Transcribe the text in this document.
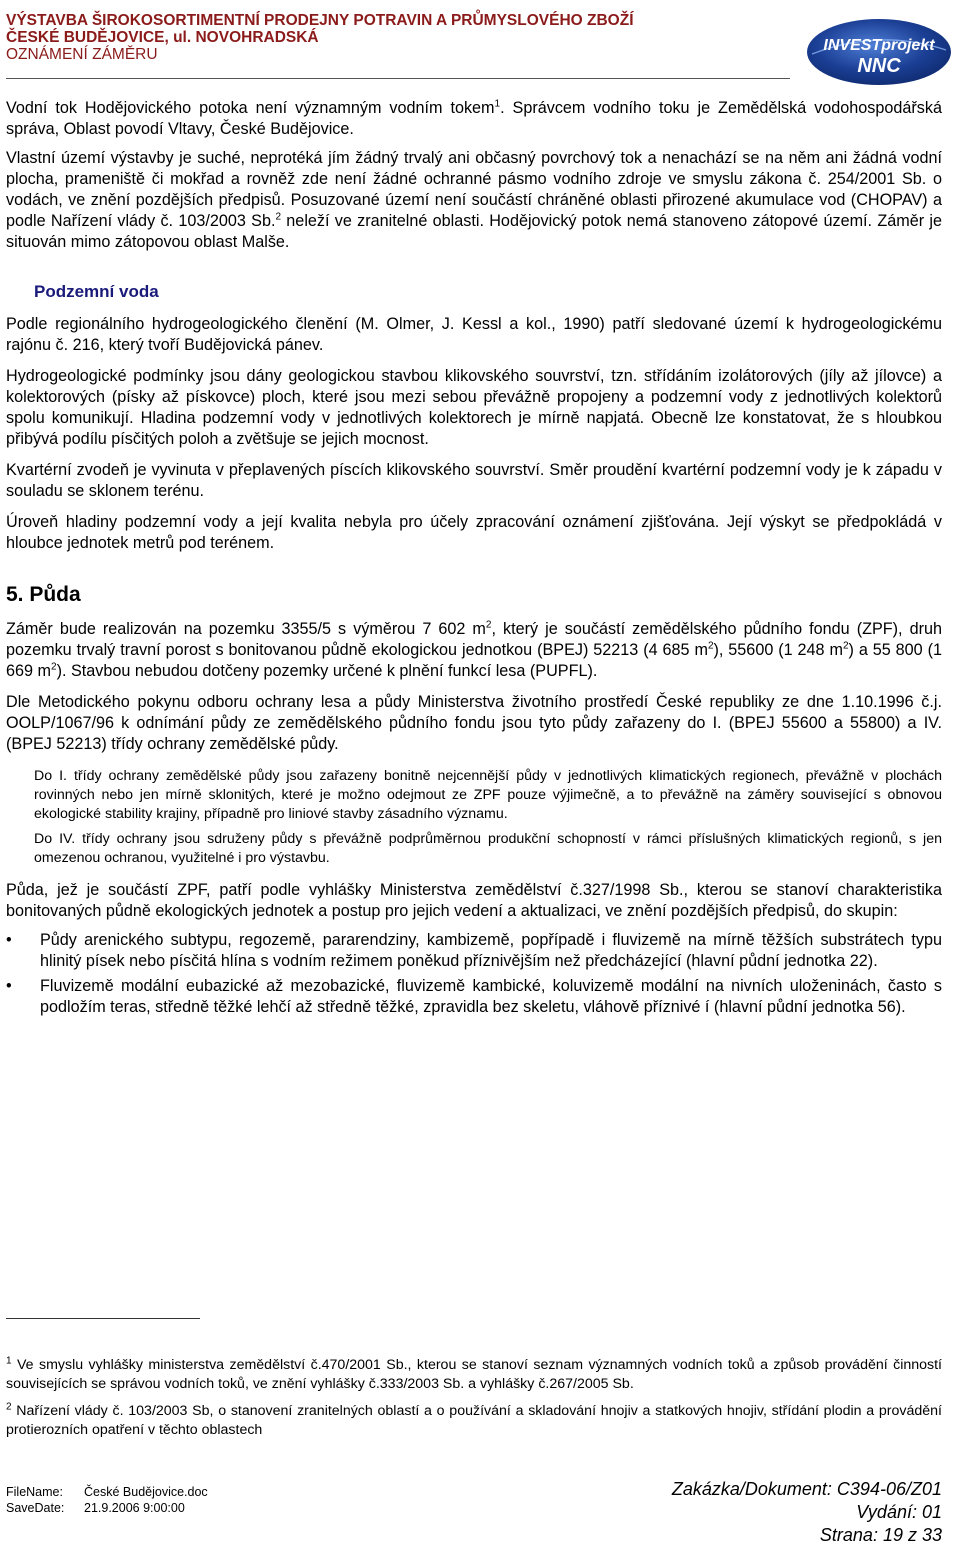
VÝSTAVBA ŠIROKOSORTIMENTNÍ PRODEJNY POTRAVIN A PRŮMYSLOVÉHO ZBOŽÍ
ČESKÉ BUDĚJOVICE, ul. NOVOHRADSKÁ
OZNÁMENÍ ZÁMĚRU
INVESTprojekt
NNC

Vodní tok Hodějovického potoka není významným vodním tokem$^1$. Správcem vodního toku je Zemědělská vodohospodářská správa, Oblast povodí Vltavy, České Budějovice.

Vlastní území výstavby je suché, neprotéká jím žádný trvalý ani občasný povrchový tok a nenachází se na něm ani žádná vodní plocha, prameniště či mokřad a rovněž zde není žádné ochranné pásmo vodního zdroje ve smyslu zákona č. 254/2001 Sb. o vodách, ve znění pozdějších předpisů. Posuzované území není součástí chráněné oblasti přirozené akumulace vod (CHOPAV) a podle Nařízení vlády č. 103/2003 Sb.$^2$ neleží ve zranitelné oblasti. Hodějovický potok nemá stanoveno zátopové území. Záměr je situován mimo zátopovou oblast Malše.

Podzemní voda

Podle regionálního hydrogeologického členění (M. Olmer, J. Kessl a kol., 1990) patří sledované území k hydrogeologickému rajónu č. 216, který tvoří Budějovická pánev.

Hydrogeologické podmínky jsou dány geologickou stavbou klikovského souvrství, tzn. střídáním izolátorových (jíly až jílovce) a kolektorových (písky až pískovce) ploch, které jsou mezi sebou převážně propojeny a podzemní vody z jednotlivých kolektorů spolu komunikují. Hladina podzemní vody v jednotlivých kolektorech je mírně napjatá. Obecně lze konstatovat, že s hloubkou přibývá podílu písčitých poloh a zvětšuje se jejich mocnost.

Kvartérní zvodeň je vyvinuta v přeplavených píscích klikovského souvrství. Směr proudění kvartérní podzemní vody je k západu v souladu se sklonem terénu.

Úroveň hladiny podzemní vody a její kvalita nebyla pro účely zpracování oznámení zjišťována. Její výskyt se předpokládá v hloubce jednotek metrů pod terénem.

5. Půda

Záměr bude realizován na pozemku 3355/5 s výměrou 7 602 $m^2$, který je součástí zemědělského půdního fondu (ZPF), druh pozemku trvalý travní porost s bonitovanou půdně ekologickou jednotkou (BPEJ) 52213 (4 685 $m^2$), 55600 (1 248 $m^2$) a 55 800 (1 669 $m^2$). Stavbou nebudou dotčeny pozemky určené k plnění funkcí lesa (PUPFL).

Dle Metodického pokynu odboru ochrany lesa a půdy Ministerstva životního prostředí České republiky ze dne 1.10.1996 č.j. OOLP/1067/96 k odnímání půdy ze zemědělského půdního fondu jsou tyto půdy zařazeny do I. (BPEJ 55600 a 55800) a IV. (BPEJ 52213) třídy ochrany zemědělské půdy.

Do I. třídy ochrany zemědělské půdy jsou zařazeny bonitně nejcennější půdy v jednotlivých klimatických regionech, převážně v plochách rovinných nebo jen mírně sklonitých, které je možno odejmout ze ZPF pouze výjimečně, a to převážně na záměry související s obnovou ekologické stability krajiny, případně pro liniové stavby zásadního významu.

Do IV. třídy ochrany jsou sdruženy půdy s převážně podprůměrnou produkční schopností v rámci příslušných klimatických regionů, s jen omezenou ochranou, využitelné i pro výstavbu.

Půda, jež je součástí ZPF, patří podle vyhlášky Ministerstva zemědělství č.327/1998 Sb., kterou se stanoví charakteristika bonitovaných půdně ekologických jednotek a postup pro jejich vedení a aktualizaci, ve znění pozdějších předpisů, do skupin:

• Půdy arenického subtypu, regozemě, pararendziny, kambizemě, popřípadě i fluvizemě na mírně těžších substrátech typu hlinitý písek nebo písčitá hlína s vodním režimem poněkud příznivějším než předcházející (hlavní půdní jednotka 22).
• Fluvizemě modální eubazické až mezobazické, fluvizemě kambické, koluvizemě modální na nivních uloženinách, často s podložím teras, středně těžké lehčí až středně těžké, zpravidla bez skeletu, vláhově příznivé í (hlavní půdní jednotka 56).

$^1$ Ve smyslu vyhlášky ministerstva zemědělství č.470/2001 Sb., kterou se stanoví seznam významných vodních toků a způsob provádění činností souvisejících se správou vodních toků, ve znění vyhlášky č.333/2003 Sb. a vyhlášky č.267/2005 Sb.

$^2$ Nařízení vlády č. 103/2003 Sb, o stanovení zranitelných oblastí a o používání a skladování hnojiv a statkových hnojiv, střídání plodin a provádění protierozních opatření v těchto oblastech

FileName: České Budějovice.doc
SaveDate: 21.9.2006 9:00:00
Zakázka/Dokument: C394-06/Z01
Vydání: 01
Strana: 19 z 33
